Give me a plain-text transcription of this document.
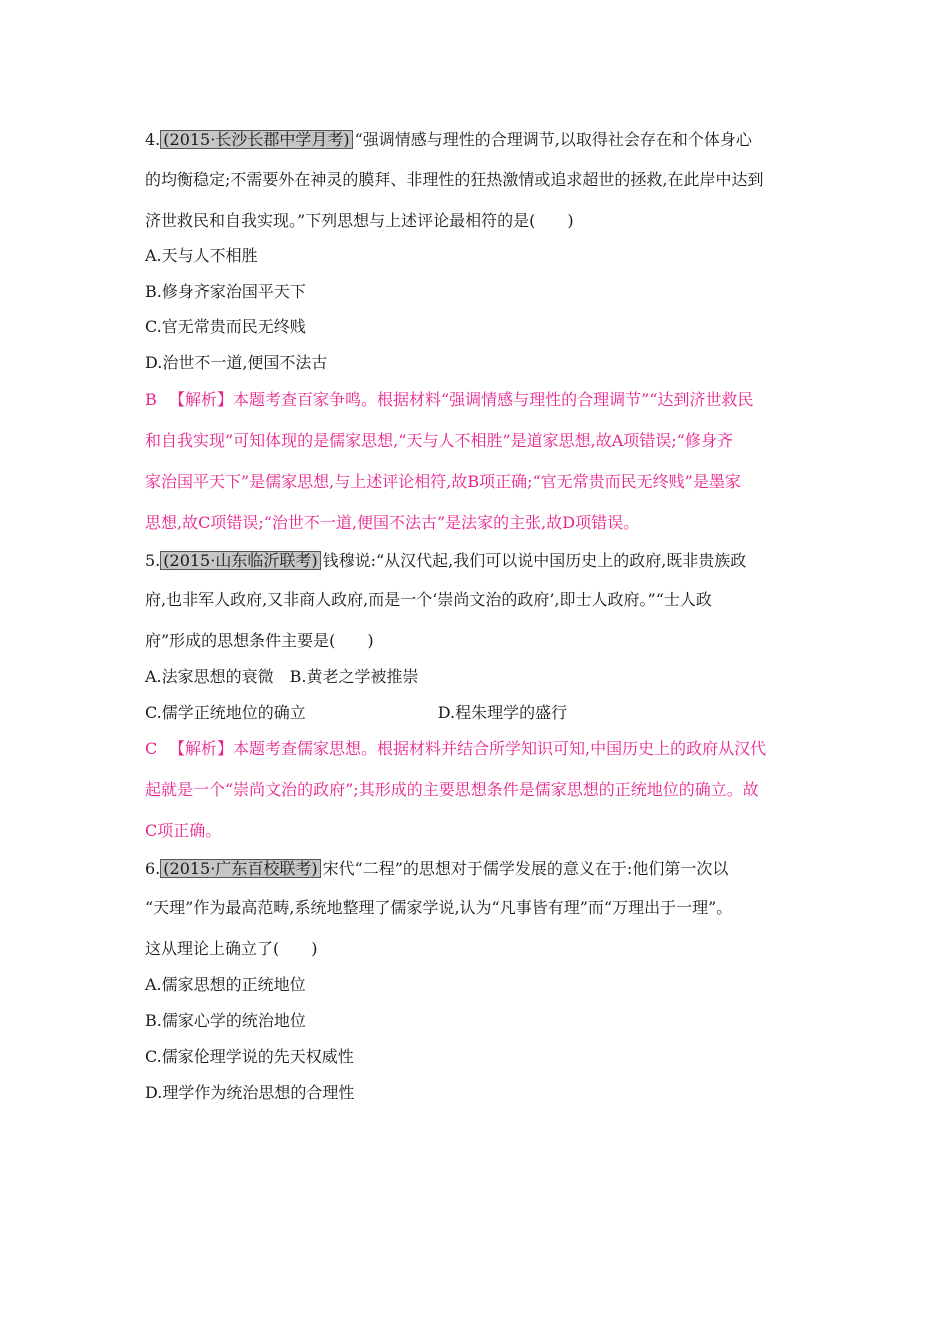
4. (2015·长沙长郡中学月考) “强调情感与理性的合理调节,以取得社会存在和个体身心
的均衡稳定;不需要外在神灵的膜拜、非理性的狂热激情或追求超世的拯救,在此岸中达到
济世救民和自我实现。”下列思想与上述评论最相符的是(　　)
A.天与人不相胜
B.修身齐家治国平天下
C.官无常贵而民无终贱
D.治世不一道,便国不法古
B 【解析】本题考查百家争鸣。根据材料“强调情感与理性的合理调节”“达到济世救民
和自我实现”可知体现的是儒家思想,“天与人不相胜”是道家思想,故A项错误;“修身齐
家治国平天下”是儒家思想,与上述评论相符,故B项正确;“官无常贵而民无终贱”是墨家
思想,故C项错误;“治世不一道,便国不法古”是法家的主张,故D项错误。
5. (2015·山东临沂联考) 钱穆说:“从汉代起,我们可以说中国历史上的政府,既非贵族政
府,也非军人政府,又非商人政府,而是一个‘崇尚文治的政府’,即士人政府。”“士人政
府”形成的思想条件主要是(　　)
A.法家思想的衰微　B.黄老之学被推崇
C.儒学正统地位的确立	D.程朱理学的盛行
C 【解析】本题考查儒家思想。根据材料并结合所学知识可知,中国历史上的政府从汉代
起就是一个“崇尚文治的政府”;其形成的主要思想条件是儒家思想的正统地位的确立。故
C项正确。
6. (2015·广东百校联考) 宋代“二程”的思想对于儒学发展的意义在于:他们第一次以
“天理”作为最高范畴,系统地整理了儒家学说,认为“凡事皆有理”而“万理出于一理”。
这从理论上确立了(　　)
A.儒家思想的正统地位
B.儒家心学的统治地位
C.儒家伦理学说的先天权威性
D.理学作为统治思想的合理性
